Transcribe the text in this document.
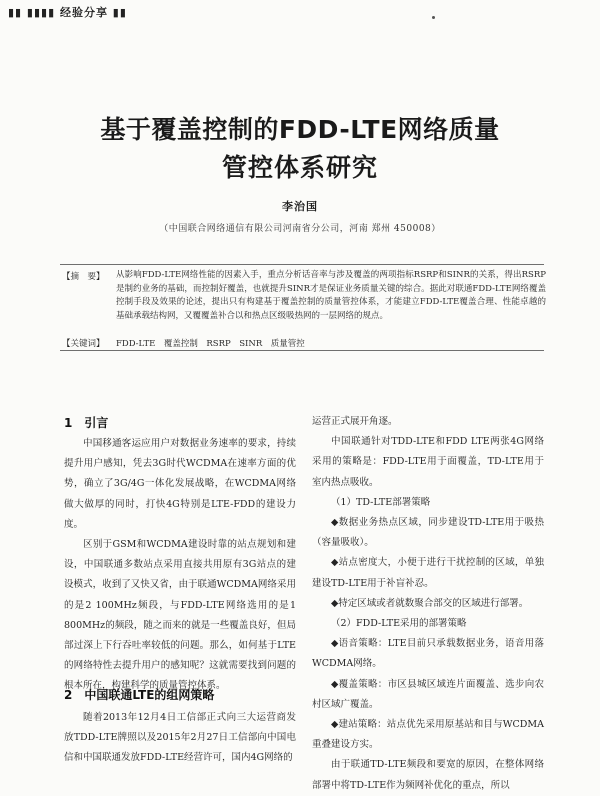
▮▮ ▮▮▮▮ 经验分享 ▮▮
基于覆盖控制的FDD-LTE网络质量
管控体系研究
李治国
（中国联合网络通信有限公司河南省分公司，河南 郑州 450008）
【摘　要】 从影响FDD-LTE网络性能的因素入手，重点分析话音率与涉及覆盖的两项指标RSRP和SINR的关系，得出RSRP是制约业务的基础，而控制好覆盖，也就提升SINR才是保证业务质量关键的综合。据此对联通FDD-LTE网络覆盖控制手段及效果的论述，提出只有构建基于覆盖控制的质量管控体系，才能建立FDD-LTE覆盖合理、性能卓越的基础承载结构网，又覆覆盖补合以和热点区级吸热网的一层网络的规点。
【关键词】 FDD-LTE　覆盖控制　RSRP　SINR　质量管控
1　引言

中国移通客运应用户对数据业务速率的要求，持续提升用户感知，凭去3G时代WCDMA在速率方面的优势，确立了3G/4G一体化发展战略，在WCDMA网络做大做厚的同时，打快4G特别是LTE-FDD的建设力度。

区别于GSM和WCDMA建设时靠的站点规划和建设，中国联通多数站点采用直接共用原有3G站点的建设模式，收到了又快又省，由于联通WCDMA网络采用的是2 100MHz频段，与FDD-LTE网络选用的是1 800MHz的频段，随之而来的就是一些覆盖良好，但局部过深上下行吞吐率较低的问题。那么，如何基于LTE的网络特性去提升用户的感知呢？这就需要找到问题的根本所在，构建科学的质量管控体系。

2　中国联通LTE的组网策略

随着2013年12月4日工信部正式向三大运营商发放TDD-LTE牌照以及2015年2月27日工信部向中国电信和中国联通发放FDD-LTE经营许可，国内4G网络的

运营正式展开角逐。

中国联通针对TDD-LTE和FDD LTE两张4G网络采用的策略是：FDD-LTE用于面覆盖，TD-LTE用于室内热点吸收。

（1）TD-LTE部署策略

◆数据业务热点区域，同步建设TD-LTE用于吸热（容量吸收）。

◆站点密度大，小便于进行干扰控制的区域，单独建设TD-LTE用于补盲补忍。

◆特定区域或者就数聚合部交的区域进行部署。

（2）FDD-LTE采用的部署策略

◆语音策略：LTE目前只承载数据业务，语音用落WCDMA网络。

◆覆盖策略：市区县城区域连片面覆盖、选步向农村区域广覆盖。

◆建站策略：站点优先采用原基站和目与WCDMA重叠建设方实。

由于联通TD-LTE频段和要宽的原因，在整体网络部署中将TD-LTE作为频网补优化的重点，所以
